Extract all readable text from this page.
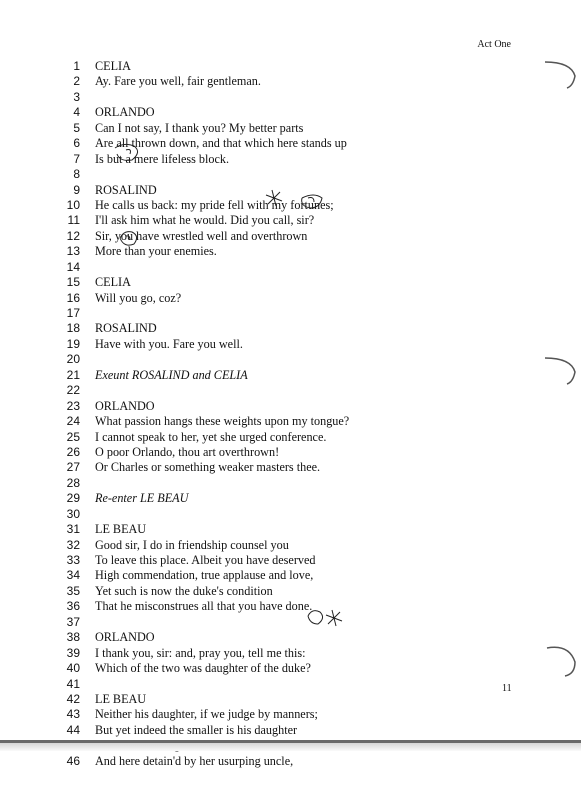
Act One
1 CELIA
2 Ay. Fare you well, fair gentleman.
3
4 ORLANDO
5 Can I not say, I thank you? My better parts
6 Are all thrown down, and that which here stands up
7 Is but a mere lifeless block.
8
9 ROSALIND
10 He calls us back: my pride fell with my fortunes;
11 I'll ask him what he would. Did you call, sir?
12 Sir, you have wrestled well and overthrown
13 More than your enemies.
14
15 CELIA
16 Will you go, coz?
17
18 ROSALIND
19 Have with you. Fare you well.
20
21 Exeunt ROSALIND and CELIA
22
23 ORLANDO
24 What passion hangs these weights upon my tongue?
25 I cannot speak to her, yet she urged conference.
26 O poor Orlando, thou art overthrown!
27 Or Charles or something weaker masters thee.
28
29 Re-enter LE BEAU
30
31 LE BEAU
32 Good sir, I do in friendship counsel you
33 To leave this place. Albeit you have deserved
34 High commendation, true applause and love,
35 Yet such is now the duke's condition
36 That he misconstrues all that you have done.
37
38 ORLANDO
39 I thank you, sir: and, pray you, tell me this:
40 Which of the two was daughter of the duke?
41
42 LE BEAU
43 Neither his daughter, if we judge by manners;
44 But yet indeed the smaller is his daughter
46 And here detain'd by her usurping uncle,
11
